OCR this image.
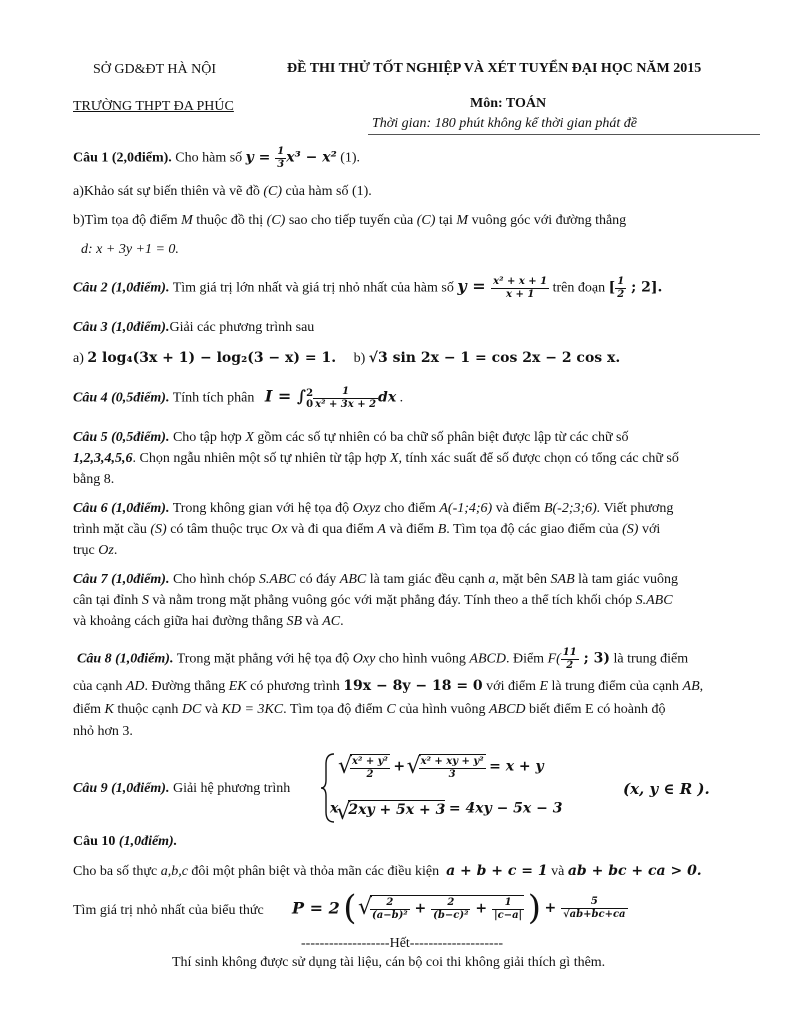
SỞ GD&ĐT HÀ NỘI
TRƯỜNG THPT ĐA PHÚC
ĐỀ THI THỬ TỐT NGHIỆP VÀ XÉT TUYỂN ĐẠI HỌC NĂM 2015
Môn: TOÁN
Thời gian: 180 phút không kể thời gian phát đề
Câu 1 (2,0điểm). Cho hàm số $y = \frac{1}{3} x^3 - x^2$ (1).
a)Khảo sát sự biến thiên và vẽ đồ (C) của hàm số (1).
b)Tìm tọa độ điểm M thuộc đồ thị (C) sao cho tiếp tuyến của (C) tại M vuông góc với đường thẳng
d: x + 3y +1 = 0.
Câu 2 (1,0điểm). Tìm giá trị lớn nhất và giá trị nhỏ nhất của hàm số $y = \frac{\text{x² + x + 1}}{x + 1}$ trên đoạn [ $\frac{1}{2}$ ; 2].
Câu 3 (1,0điểm).Giải các phương trình sau
a) 2 log₄(3x + 1) − log₂(3 − x) = 1.     b) √3 sin 2x − 1 = cos 2x − 2 cos x.
Câu 4 (0,5điểm). Tính tích phân   I = ∫ 2
$0 \frac{1}{\text{x² + 3x + 2}}$ dx .
Câu 5 (0,5điểm). Cho tập hợp X gồm các số tự nhiên có ba chữ số phân biệt được lập từ các chữ số
1,2,3,4,5,6. Chọn ngẫu nhiên một số tự nhiên từ tập hợp X, tính xác suất để số được chọn có tổng các chữ số
bằng 8.
Câu 6 (1,0điểm). Trong không gian với hệ tọa độ Oxyz cho điểm A(-1;4;6) và điểm B(-2;3;6). Viết phương
trình mặt cầu (S) có tâm thuộc trục Ox và đi qua điểm A và điểm B. Tìm tọa độ các giao điểm của (S) với
trục Oz.
Câu 7 (1,0điểm). Cho hình chóp S.ABC có đáy ABC là tam giác đều cạnh a, mặt bên SAB là tam giác vuông
cân tại đỉnh S và nằm trong mặt phẳng vuông góc với mặt phẳng đáy. Tính theo a thể tích khối chóp S.ABC
và khoảng cách giữa hai đường thẳng SB và AC.
Câu 8 (1,0điểm). Trong mặt phẳng với hệ tọa độ Oxy cho hình vuông ABCD. Điểm $F( \frac{11}{2}$ ; 3) là trung điểm
của cạnh AD. Đường thẳng EK có phương trình 19x − 8y − 18 = 0 với điểm E là trung điểm của cạnh AB,
điểm K thuộc cạnh DC và KD = 3KC. Tìm tọa độ điểm C của hình vuông ABCD biết điểm E có hoành độ
nhỏ hơn 3.
Câu 9 (1,0điểm). Giải hệ phương trình
√ $\frac{\text{x² + y²}}{2}$ + √ $\frac{\text{x² + xy + y²}}{3} = x + y$
x √ 2xy + 5x + 3 = 4xy − 5x − 3
(x, y ∈ R ).
Câu 10 (1,0điểm).
Cho ba số thực a,b,c đôi một phân biệt và thỏa mãn các điều kiện  a + b + c = 1 và ab + bc + ca > 0.
Tìm giá trị nhỏ nhất của biểu thức P = 2 ( √ $\frac{2}{\text{(a−b)²}} + \frac{2}{\text{(b−c)²}} + \frac{1}{|c-a|}$ ) + $\frac{5}{√ab+bc+ca}$
-------------------Hết--------------------
Thí sinh không được sử dụng tài liệu, cán bộ coi thi không giải thích gì thêm.
